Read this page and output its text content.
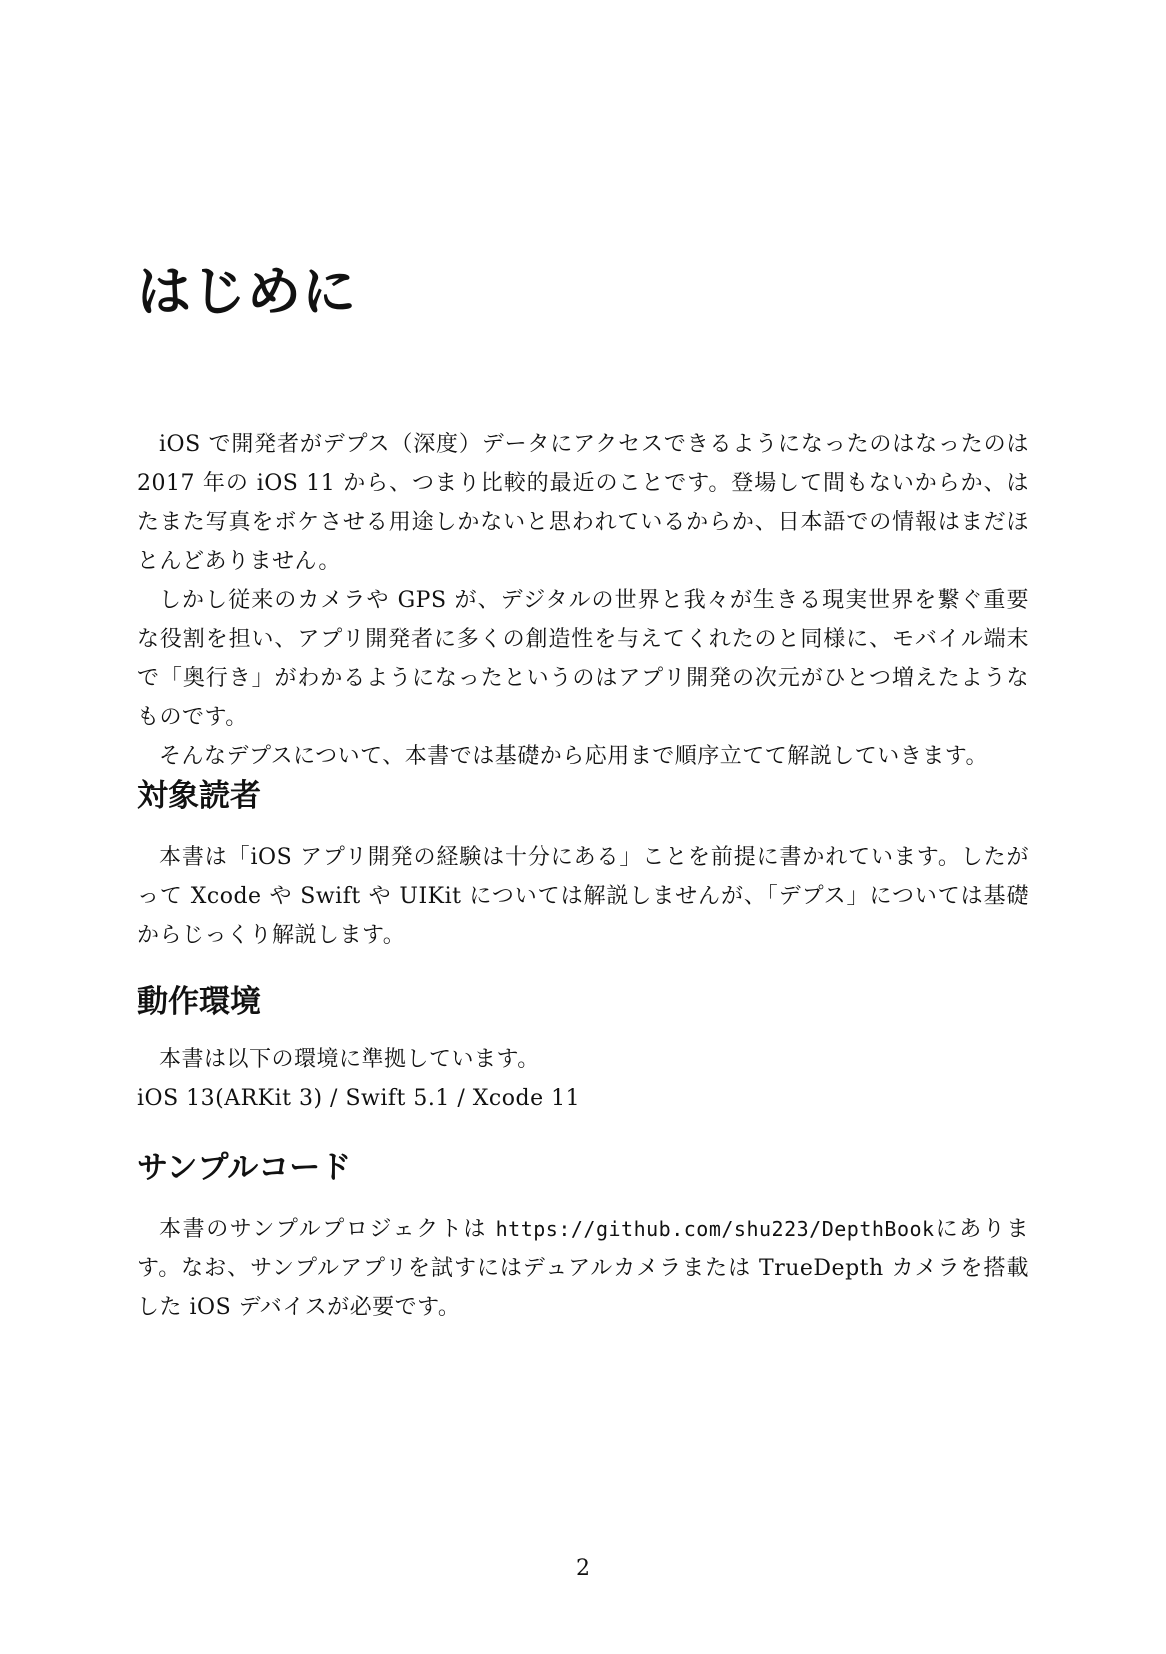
はじめに

iOS で開発者がデプス（深度）データにアクセスできるようになったのはなったのは 2017 年の iOS 11 から、つまり比較的最近のことです。登場して間もないからか、はたまた写真をボケさせる用途しかないと思われているからか、日本語での情報はまだほとんどありません。

しかし従来のカメラや GPS が、デジタルの世界と我々が生きる現実世界を繋ぐ重要な役割を担い、アプリ開発者に多くの創造性を与えてくれたのと同様に、モバイル端末で「奥行き」がわかるようになったというのはアプリ開発の次元がひとつ増えたようなものです。

そんなデプスについて、本書では基礎から応用まで順序立てて解説していきます。

対象読者

本書は「iOS アプリ開発の経験は十分にある」ことを前提に書かれています。したがって Xcode や Swift や UIKit については解説しませんが、「デプス」については基礎からじっくり解説します。

動作環境

本書は以下の環境に準拠しています。

iOS 13(ARKit 3) / Swift 5.1 / Xcode 11

サンプルコード

本書のサンプルプロジェクトは https://github.com/shu223/DepthBookにあります。なお、サンプルアプリを試すにはデュアルカメラまたは TrueDepth カメラを搭載した iOS デバイスが必要です。

2
